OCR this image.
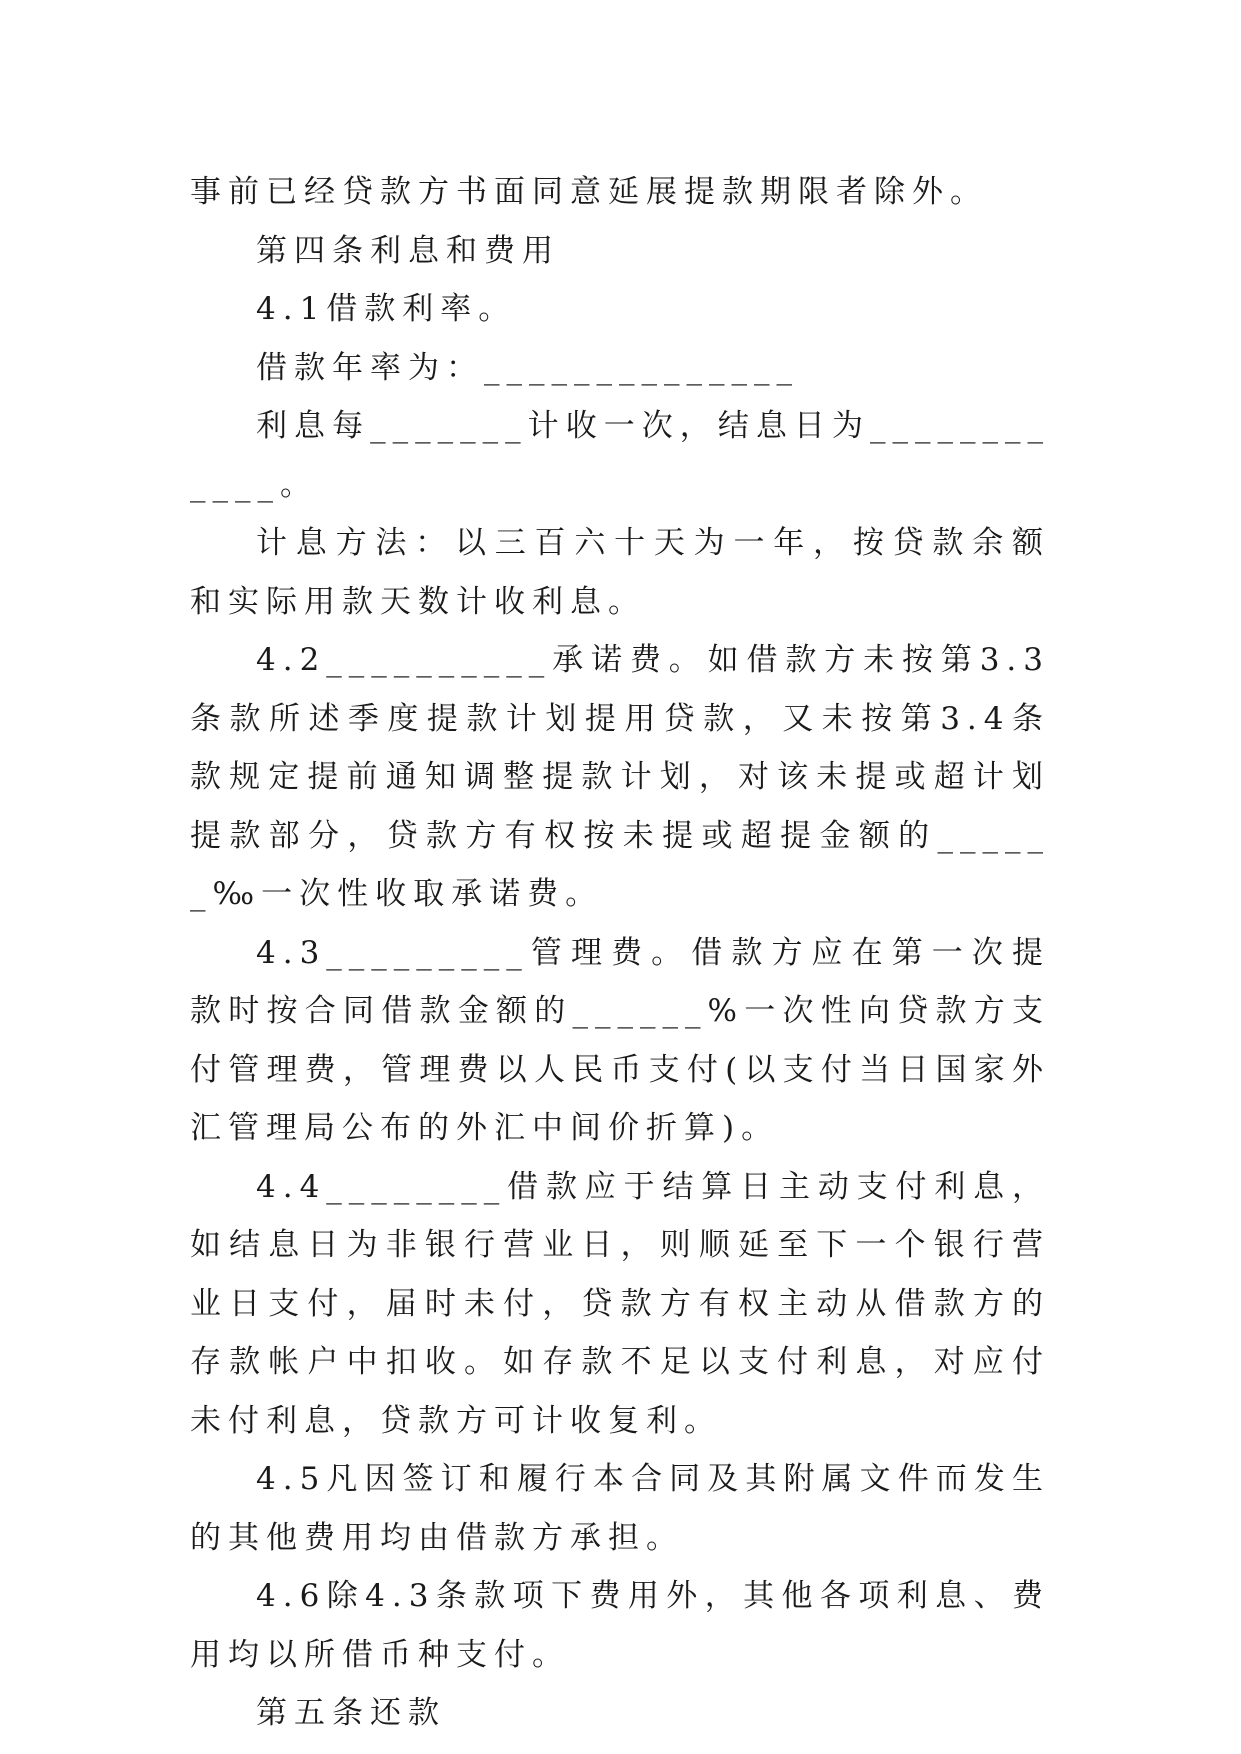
事前已经贷款方书面同意延展提款期限者除外。

第四条利息和费用

4.1借款利率。

借款年率为：______________

利息每_______计收一次，结息日为____________。

计息方法：以三百六十天为一年，按贷款余额和实际用款天数计收利息。

4.2__________承诺费。如借款方未按第3.3条款所述季度提款计划提用贷款，又未按第3.4条款规定提前通知调整提款计划，对该未提或超计划提款部分，贷款方有权按未提或超提金额的______‰一次性收取承诺费。

4.3_________管理费。借款方应在第一次提款时按合同借款金额的______%一次性向贷款方支付管理费，管理费以人民币支付(以支付当日国家外汇管理局公布的外汇中间价折算)。

4.4________借款应于结算日主动支付利息，如结息日为非银行营业日，则顺延至下一个银行营业日支付，届时未付，贷款方有权主动从借款方的存款帐户中扣收。如存款不足以支付利息，对应付未付利息，贷款方可计收复利。

4.5凡因签订和履行本合同及其附属文件而发生的其他费用均由借款方承担。

4.6除4.3条款项下费用外，其他各项利息、费用均以所借币种支付。

第五条还款
